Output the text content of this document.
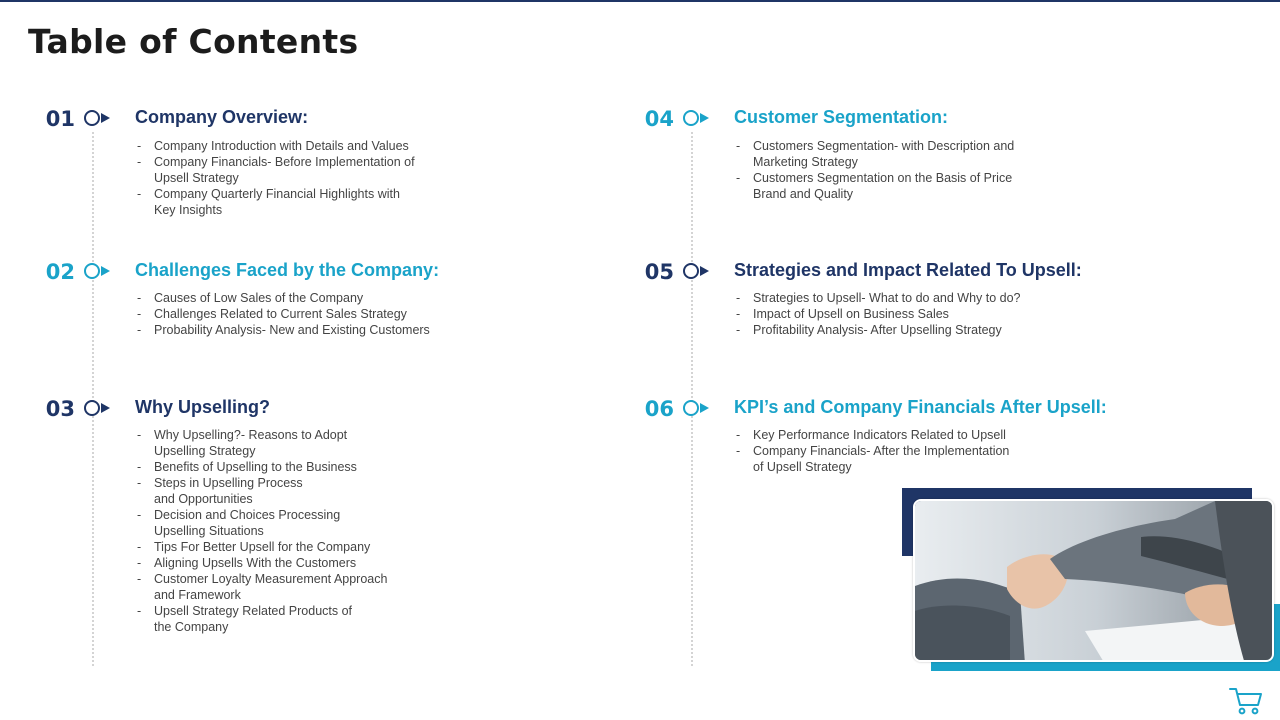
Table of Contents
01	Company Overview:
- Company Introduction with Details and Values
- Company Financials- Before Implementation of
Upsell Strategy
- Company Quarterly Financial Highlights with
Key Insights
02	Challenges Faced by the Company:
- Causes of Low Sales of the Company
- Challenges Related to Current Sales Strategy
- Probability Analysis- New and Existing Customers
03	Why Upselling?
- Why Upselling?- Reasons to Adopt
Upselling Strategy
- Benefits of Upselling to the Business
- Steps in Upselling Process
and Opportunities
- Decision and Choices Processing
Upselling Situations
- Tips For Better Upsell for the Company
- Aligning Upsells With the Customers
- Customer Loyalty Measurement Approach
and Framework
- Upsell Strategy Related Products of
the Company
04	Customer Segmentation:
- Customers Segmentation- with Description and
Marketing Strategy
- Customers Segmentation on the Basis of Price
Brand and Quality
05	Strategies and Impact Related To Upsell:
- Strategies to Upsell- What to do and Why to do?
- Impact of Upsell on Business Sales
- Profitability Analysis- After Upselling Strategy
06	KPI’s and Company Financials After Upsell:
- Key Performance Indicators Related to Upsell
- Company Financials- After the Implementation
of Upsell Strategy
